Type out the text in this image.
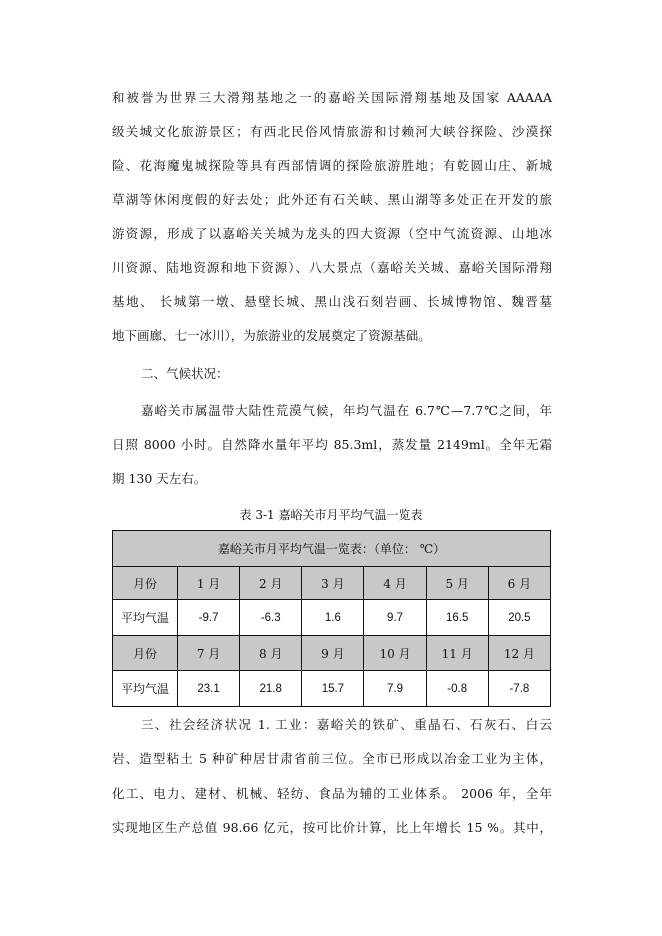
和被誉为世界三大滑翔基地之一的嘉峪关国际滑翔基地及国家 AAAAA
级关城文化旅游景区；有西北民俗风情旅游和讨赖河大峡谷探险、沙漠探
险、花海魔鬼城探险等具有西部情调的探险旅游胜地；有乾圆山庄、新城
草湖等休闲度假的好去处；此外还有石关峡、黑山湖等多处正在开发的旅
游资源，形成了以嘉峪关关城为龙头的四大资源（空中气流资源、山地冰
川资源、陆地资源和地下资源）、八大景点（嘉峪关关城、嘉峪关国际滑翔
基地、 长城第一墩、悬壁长城、黑山浅石刻岩画、长城博物馆、魏晋墓
地下画廊、七一冰川），为旅游业的发展奠定了资源基础。
二、气候状况：
嘉峪关市属温带大陆性荒漠气候，年均气温在 6.7℃—7.7℃之间，年
日照 8000 小时。自然降水量年平均 85.3ml，蒸发量 2149ml。全年无霜
期 130 天左右。
表 3-1 嘉峪关市月平均气温一览表
嘉峪关市月平均气温一览表：（单位： ℃）						
月份	1 月	2 月	3 月	4 月	5 月	6 月
平均气温	-9.7	-6.3	1.6	9.7	16.5	20.5
月份	7 月	8 月	9 月	10 月	11 月	12 月
平均气温	23.1	21.8	15.7	7.9	-0.8	-7.8
三、社会经济状况 1. 工业：嘉峪关的铁矿、重晶石、石灰石、白云
岩、造型粘土 5 种矿种居甘肃省前三位。全市已形成以冶金工业为主体，
化工、电力、建材、机械、轻纺、食品为辅的工业体系。 2006 年，全年
实现地区生产总值 98.66 亿元，按可比价计算，比上年增长 15 %。其中，
